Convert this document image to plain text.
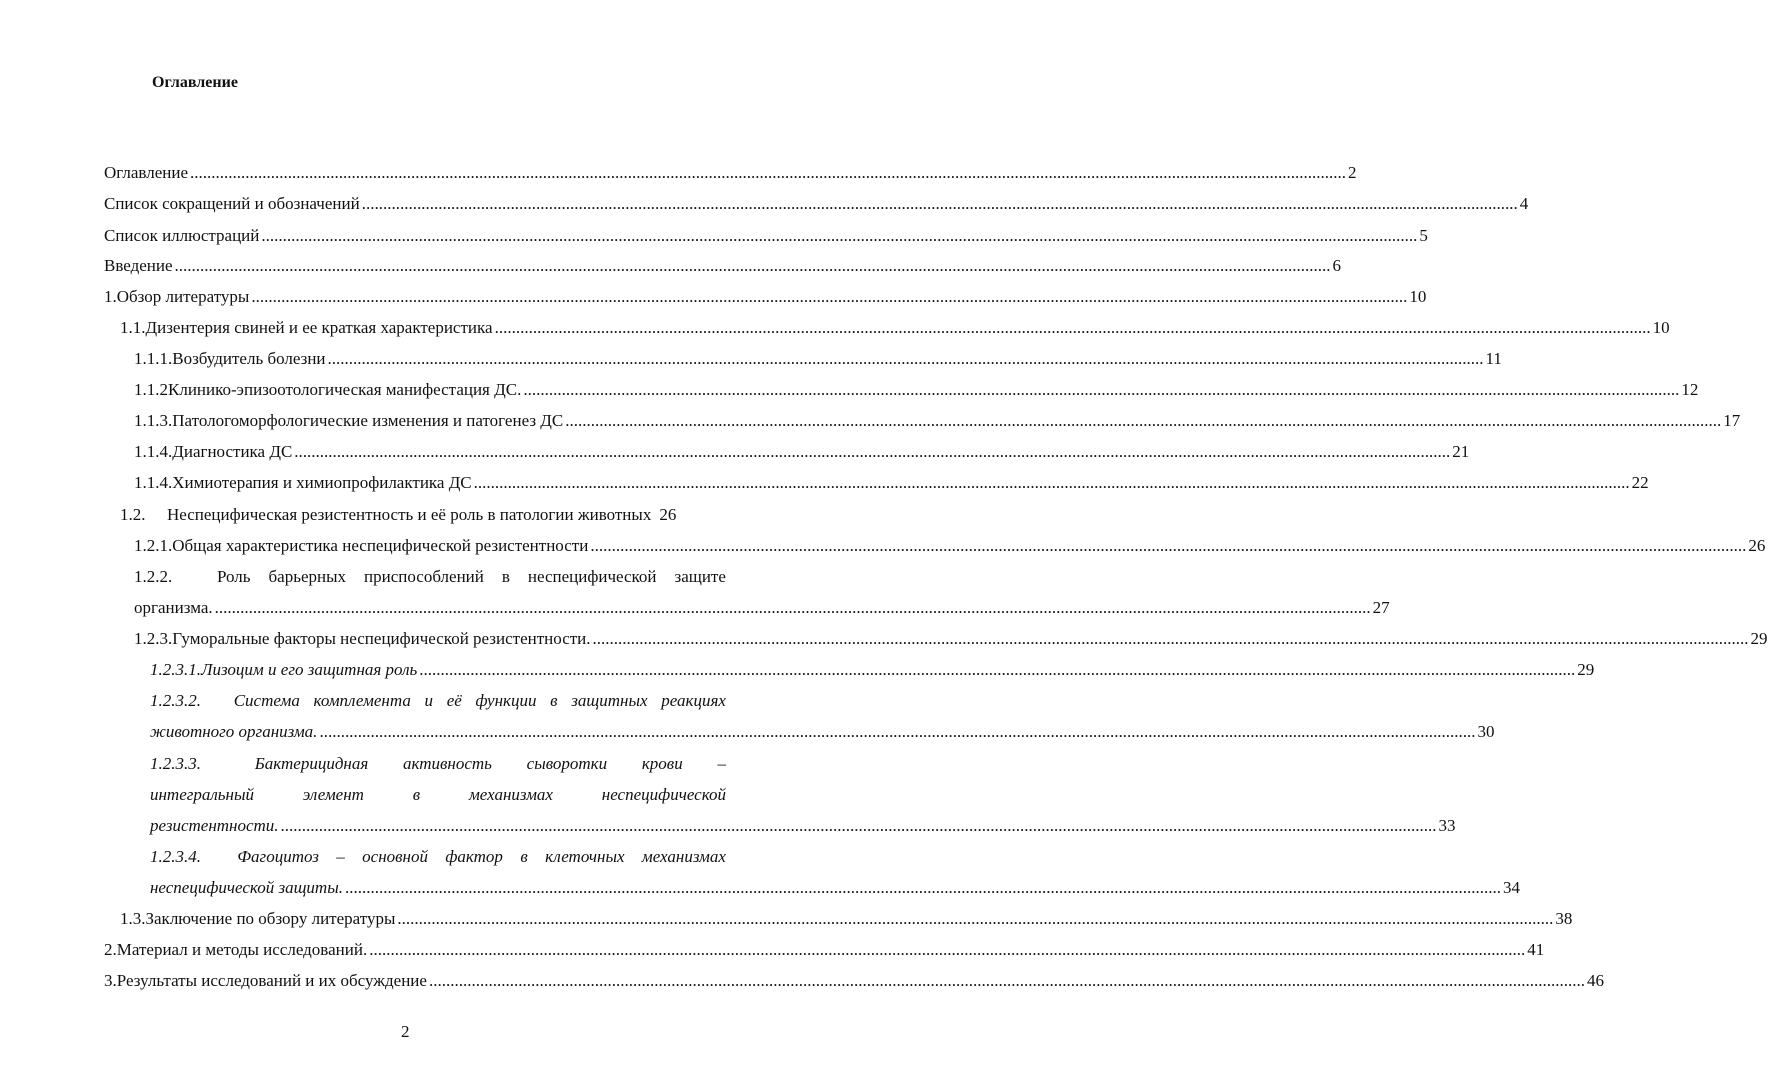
Оглавление
Оглавление .....	2
Список сокращений и обозначений .....	4
Список иллюстраций .....	5
Введение .....	6
1. Обзор литературы .....	10
1.1. Дизентерия свиней и ее краткая характеристика .....	10
1.1.1. Возбудитель болезни .....	11
1.1.2 Клинико-эпизоотологическая манифестация ДС. .....	12
1.1.3. Патологоморфологические изменения и патогенез ДС .....	17
1.1.4. Диагностика ДС .....	21
1.1.4. Химиотерапия и химиопрофилактика ДС .....	22
1.2.	Неспецифическая резистентность и её роль в патологии животных 26
1.2.1. Общая характеристика неспецифической резистентности .....	26
1.2.2.	Роль барьерных приспособлений в неспецифической защите
организма. .....	27
1.2.3. Гуморальные факторы неспецифической резистентности. .....	29
1.2.3.1. Лизоцим и его защитная роль .....	29
1.2.3.2.	Система комплемента и её функции в защитных реакциях
животного организма. .....	30
1.2.3.3.	Бактерицидная активность сыворотки крови –
интегральный	элемент	в	механизмах	неспецифической
резистентности. .....	33
1.2.3.4.	Фагоцитоз – основной фактор в клеточных механизмах
неспецифической защиты. .....	34
1.3. Заключение по обзору литературы .....	38
2. Материал и методы исследований. .....	41
3. Результаты исследований и их обсуждение .....	46
2
